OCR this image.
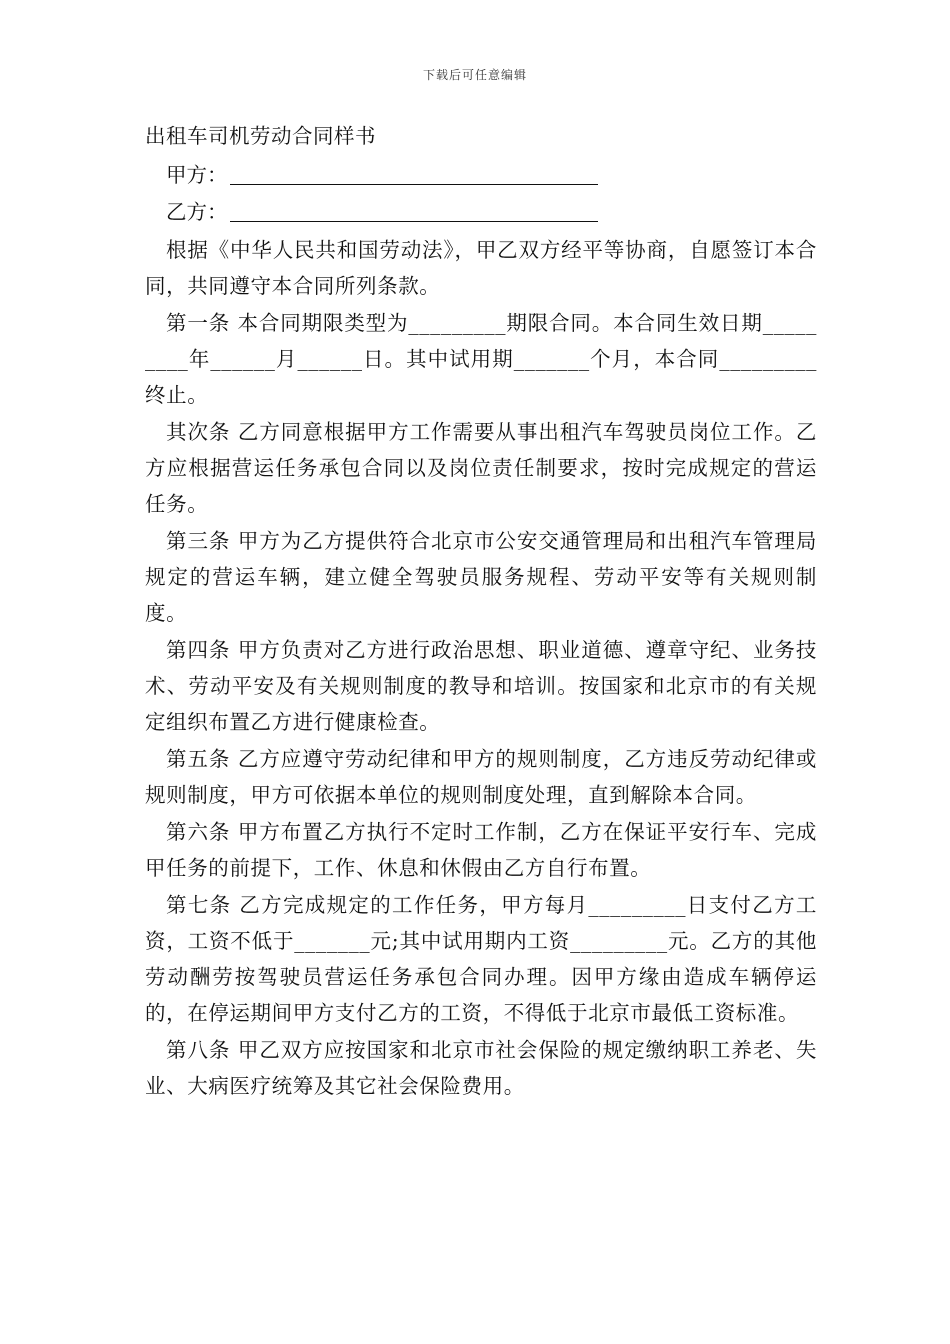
下载后可任意编辑
出租车司机劳动合同样书
甲方：
乙方：

根据《中华人民共和国劳动法》，甲乙双方经平等协商，自愿签订本合同，共同遵守本合同所列条款。

第一条 本合同期限类型为_________期限合同。本合同生效日期_________年______月______日。其中试用期_______个月，本合同_________终止。

其次条 乙方同意根据甲方工作需要从事出租汽车驾驶员岗位工作。乙方应根据营运任务承包合同以及岗位责任制要求，按时完成规定的营运任务。

第三条 甲方为乙方提供符合北京市公安交通管理局和出租汽车管理局规定的营运车辆，建立健全驾驶员服务规程、劳动平安等有关规则制度。

第四条 甲方负责对乙方进行政治思想、职业道德、遵章守纪、业务技术、劳动平安及有关规则制度的教导和培训。按国家和北京市的有关规定组织布置乙方进行健康检查。

第五条 乙方应遵守劳动纪律和甲方的规则制度，乙方违反劳动纪律或规则制度，甲方可依据本单位的规则制度处理，直到解除本合同。

第六条 甲方布置乙方执行不定时工作制，乙方在保证平安行车、完成甲任务的前提下，工作、休息和休假由乙方自行布置。

第七条 乙方完成规定的工作任务，甲方每月_________日支付乙方工资，工资不低于_______元;其中试用期内工资_________元。乙方的其他劳动酬劳按驾驶员营运任务承包合同办理。因甲方缘由造成车辆停运的，在停运期间甲方支付乙方的工资，不得低于北京市最低工资标准。

第八条 甲乙双方应按国家和北京市社会保险的规定缴纳职工养老、失业、大病医疗统筹及其它社会保险费用。
